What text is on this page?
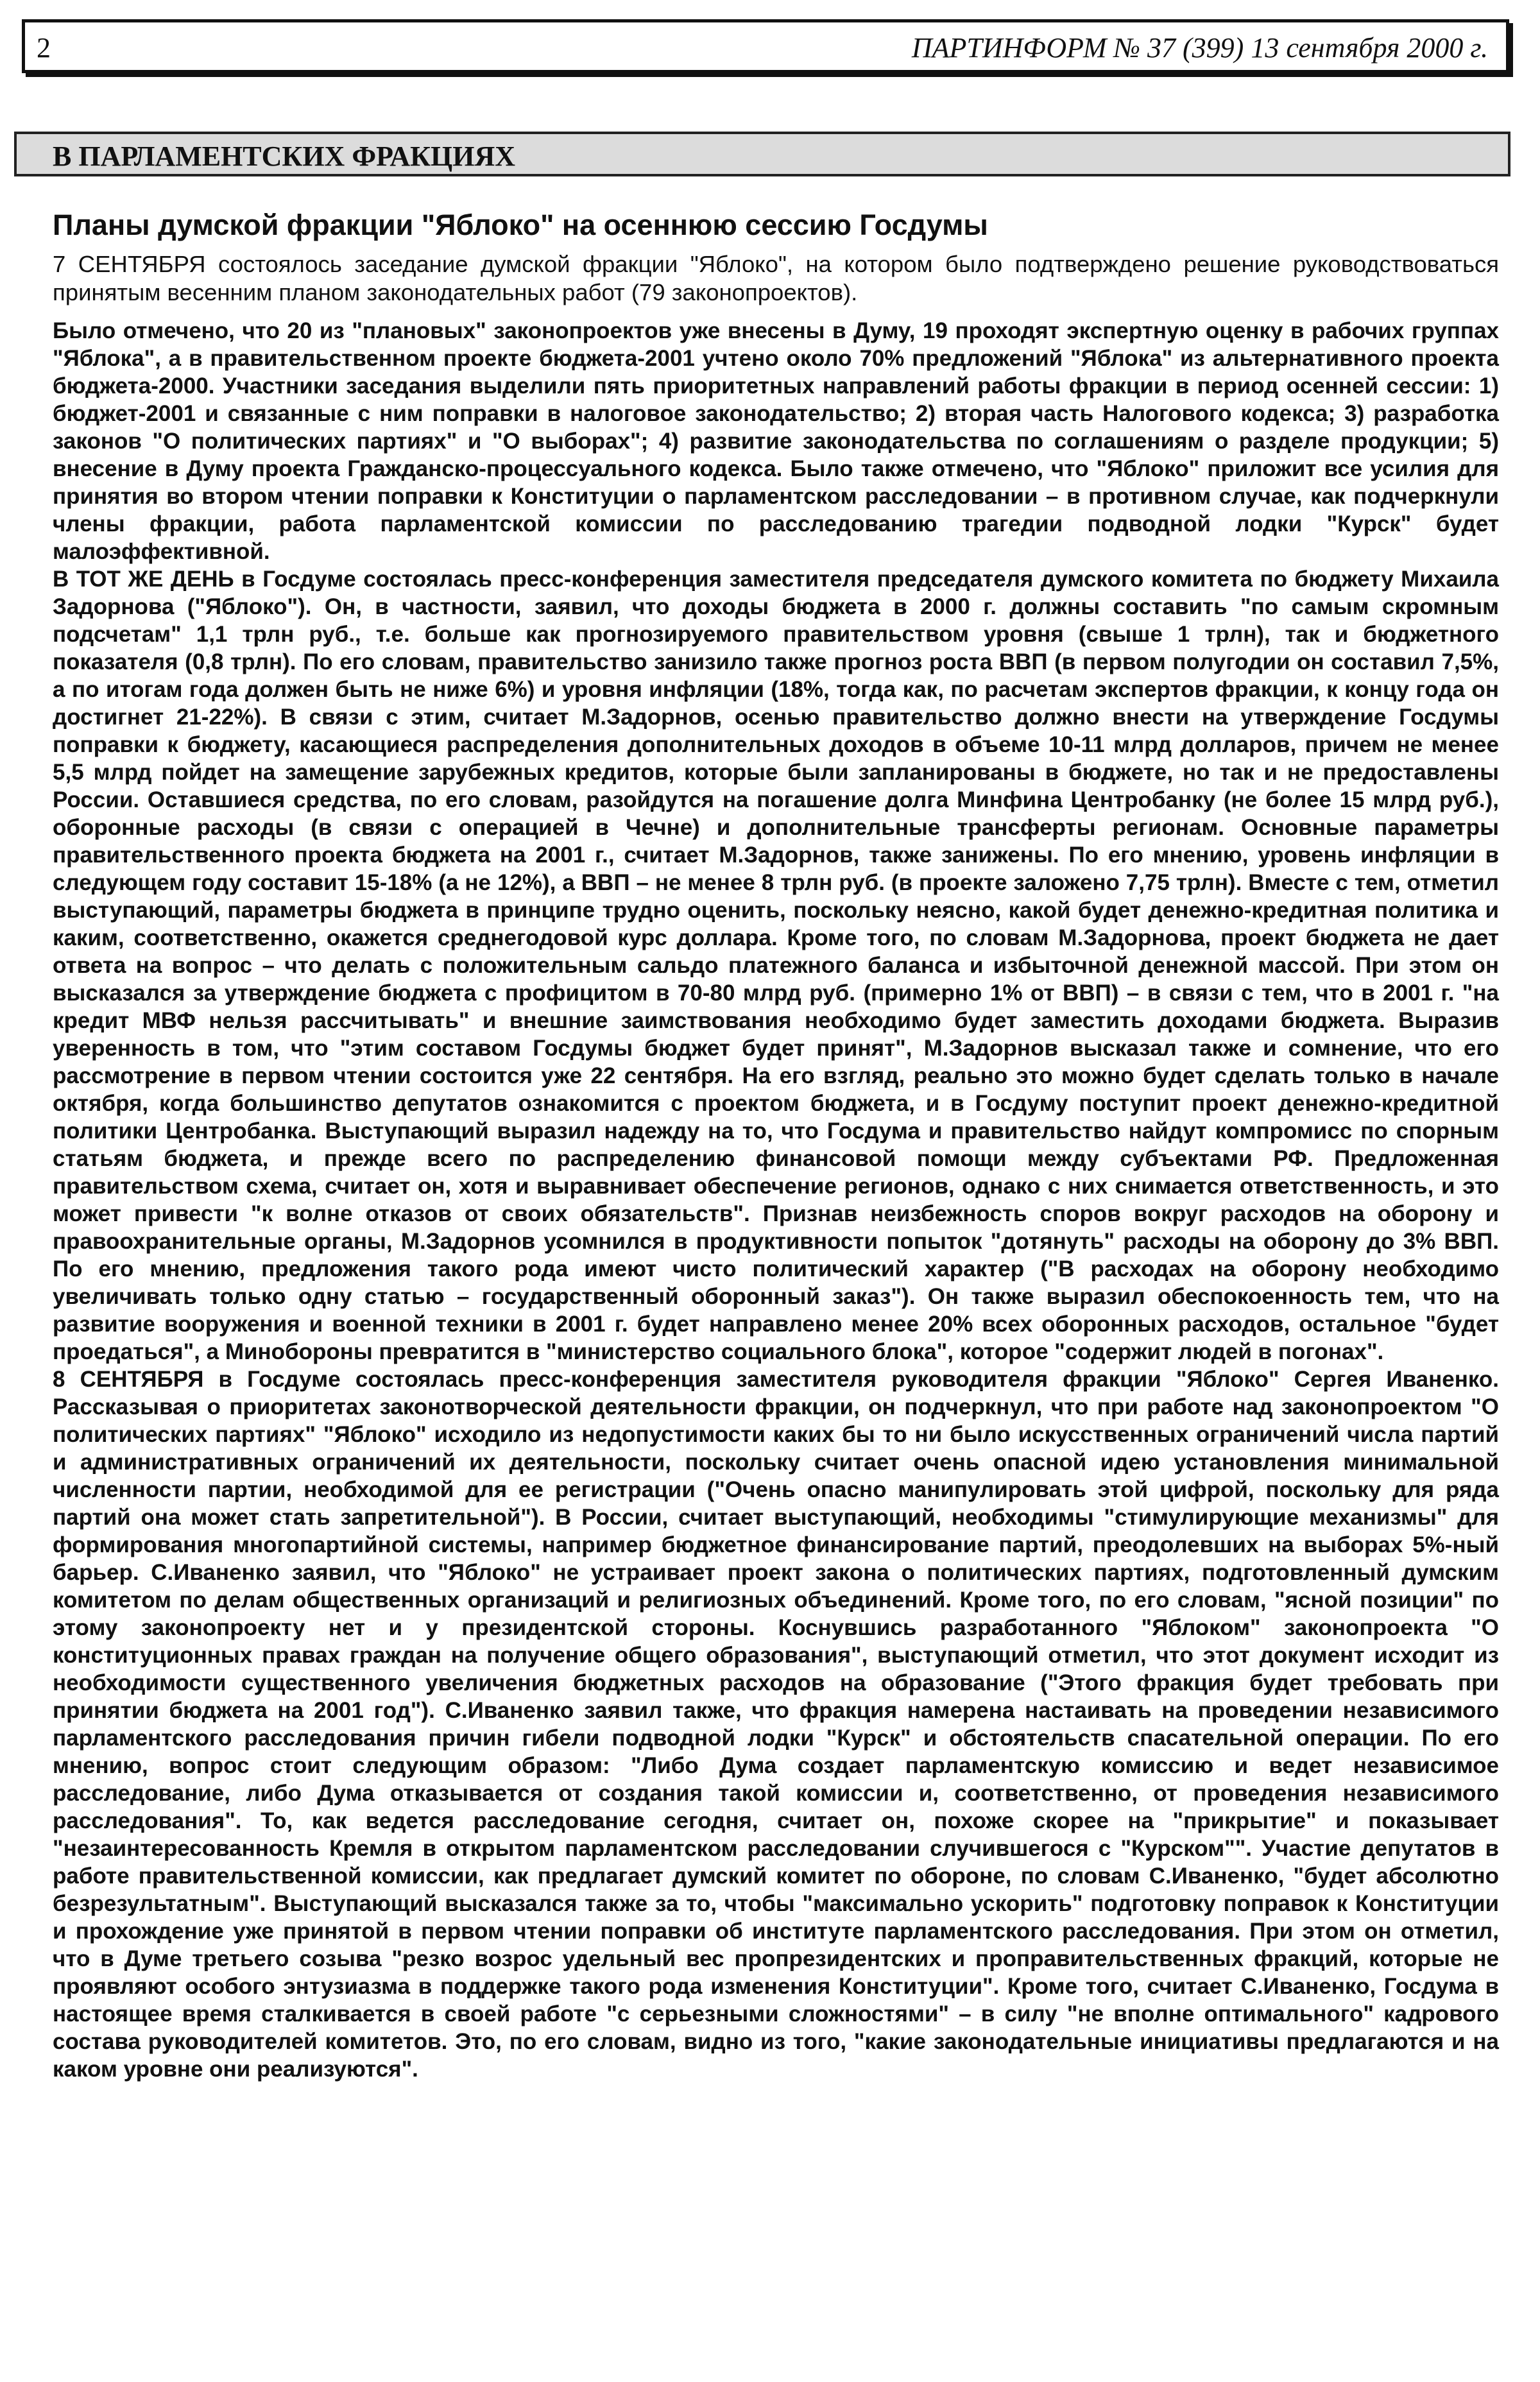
2	ПАРТИНФОРМ № 37 (399) 13 сентября 2000 г.
В ПАРЛАМЕНТСКИХ ФРАКЦИЯХ
Планы думской фракции "Яблоко" на осеннюю сессию Госдумы

7 СЕНТЯБРЯ состоялось заседание думской фракции "Яблоко", на котором было подтверждено решение руководствоваться принятым весенним планом законодательных работ (79 законопроектов).

Было отмечено, что 20 из "плановых" законопроектов уже внесены в Думу, 19 проходят экспертную оценку в рабочих группах "Яблока", а в правительственном проекте бюджета-2001 учтено около 70% предложений "Яблока" из альтернативного проекта бюджета-2000. Участники заседания выделили пять приоритетных направлений работы фракции в период осенней сессии: 1) бюджет-2001 и связанные с ним поправки в налоговое законодательство; 2) вторая часть Налогового кодекса; 3) разработка законов "О политических партиях" и "О выборах"; 4) развитие законодательства по соглашениям о разделе продукции; 5) внесение в Думу проекта Гражданско-процессуального кодекса. Было также отмечено, что "Яблоко" приложит все усилия для принятия во втором чтении поправки к Конституции о парламентском расследовании – в противном случае, как подчеркнули члены фракции, работа парламентской комиссии по расследованию трагедии подводной лодки "Курск" будет малоэффективной.

В ТОТ ЖЕ ДЕНЬ в Госдуме состоялась пресс-конференция заместителя председателя думского комитета по бюджету Михаила Задорнова ("Яблоко"). Он, в частности, заявил, что доходы бюджета в 2000 г. должны составить "по самым скромным подсчетам" 1,1 трлн руб., т.е. больше как прогнозируемого правительством уровня (свыше 1 трлн), так и бюджетного показателя (0,8 трлн). По его словам, правительство занизило также прогноз роста ВВП (в первом полугодии он составил 7,5%, а по итогам года должен быть не ниже 6%) и уровня инфляции (18%, тогда как, по расчетам экспертов фракции, к концу года он достигнет 21-22%). В связи с этим, считает М.Задорнов, осенью правительство должно внести на утверждение Госдумы поправки к бюджету, касающиеся распределения дополнительных доходов в объеме 10-11 млрд долларов, причем не менее 5,5 млрд пойдет на замещение зарубежных кредитов, которые были запланированы в бюджете, но так и не предоставлены России. Оставшиеся средства, по его словам, разойдутся на погашение долга Минфина Центробанку (не более 15 млрд руб.), оборонные расходы (в связи с операцией в Чечне) и дополнительные трансферты регионам. Основные параметры правительственного проекта бюджета на 2001 г., считает М.Задорнов, также занижены. По его мнению, уровень инфляции в следующем году составит 15-18% (а не 12%), а ВВП – не менее 8 трлн руб. (в проекте заложено 7,75 трлн). Вместе с тем, отметил выступающий, параметры бюджета в принципе трудно оценить, поскольку неясно, какой будет денежно-кредитная политика и каким, соответственно, окажется среднегодовой курс доллара. Кроме того, по словам М.Задорнова, проект бюджета не дает ответа на вопрос – что делать с положительным сальдо платежного баланса и избыточной денежной массой. При этом он высказался за утверждение бюджета с профицитом в 70-80 млрд руб. (примерно 1% от ВВП) – в связи с тем, что в 2001 г. "на кредит МВФ нельзя рассчитывать" и внешние заимствования необходимо будет заместить доходами бюджета. Выразив уверенность в том, что "этим составом Госдумы бюджет будет принят", М.Задорнов высказал также и сомнение, что его рассмотрение в первом чтении состоится уже 22 сентября. На его взгляд, реально это можно будет сделать только в начале октября, когда большинство депутатов ознакомится с проектом бюджета, и в Госдуму поступит проект денежно-кредитной политики Центробанка. Выступающий выразил надежду на то, что Госдума и правительство найдут компромисс по спорным статьям бюджета, и прежде всего по распределению финансовой помощи между субъектами РФ. Предложенная правительством схема, считает он, хотя и выравнивает обеспечение регионов, однако с них снимается ответственность, и это может привести "к волне отказов от своих обязательств". Признав неизбежность споров вокруг расходов на оборону и правоохранительные органы, М.Задорнов усомнился в продуктивности попыток "дотянуть" расходы на оборону до 3% ВВП. По его мнению, предложения такого рода имеют чисто политический характер ("В расходах на оборону необходимо увеличивать только одну статью – государственный оборонный заказ"). Он также выразил обеспокоенность тем, что на развитие вооружения и военной техники в 2001 г. будет направлено менее 20% всех оборонных расходов, остальное "будет проедаться", а Минобороны превратится в "министерство социального блока", которое "содержит людей в погонах".

8 СЕНТЯБРЯ в Госдуме состоялась пресс-конференция заместителя руководителя фракции "Яблоко" Сергея Иваненко. Рассказывая о приоритетах законотворческой деятельности фракции, он подчеркнул, что при работе над законопроектом "О политических партиях" "Яблоко" исходило из недопустимости каких бы то ни было искусственных ограничений числа партий и административных ограничений их деятельности, поскольку считает очень опасной идею установления минимальной численности партии, необходимой для ее регистрации ("Очень опасно манипулировать этой цифрой, поскольку для ряда партий она может стать запретительной"). В России, считает выступающий, необходимы "стимулирующие механизмы" для формирования многопартийной системы, например бюджетное финансирование партий, преодолевших на выборах 5%-ный барьер. С.Иваненко заявил, что "Яблоко" не устраивает проект закона о политических партиях, подготовленный думским комитетом по делам общественных организаций и религиозных объединений. Кроме того, по его словам, "ясной позиции" по этому законопроекту нет и у президентской стороны. Коснувшись разработанного "Яблоком" законопроекта "О конституционных правах граждан на получение общего образования", выступающий отметил, что этот документ исходит из необходимости существенного увеличения бюджетных расходов на образование ("Этого фракция будет требовать при принятии бюджета на 2001 год"). С.Иваненко заявил также, что фракция намерена настаивать на проведении независимого парламентского расследования причин гибели подводной лодки "Курск" и обстоятельств спасательной операции. По его мнению, вопрос стоит следующим образом: "Либо Дума создает парламентскую комиссию и ведет независимое расследование, либо Дума отказывается от создания такой комиссии и, соответственно, от проведения независимого расследования". То, как ведется расследование сегодня, считает он, похоже скорее на "прикрытие" и показывает "незаинтересованность Кремля в открытом парламентском расследовании случившегося с "Курском"". Участие депутатов в работе правительственной комиссии, как предлагает думский комитет по обороне, по словам С.Иваненко, "будет абсолютно безрезультатным". Выступающий высказался также за то, чтобы "максимально ускорить" подготовку поправок к Конституции и прохождение уже принятой в первом чтении поправки об институте парламентского расследования. При этом он отметил, что в Думе третьего созыва "резко возрос удельный вес пропрезидентских и проправительственных фракций, которые не проявляют особого энтузиазма в поддержке такого рода изменения Конституции". Кроме того, считает С.Иваненко, Госдума в настоящее время сталкивается в своей работе "с серьезными сложностями" – в силу "не вполне оптимального" кадрового состава руководителей комитетов. Это, по его словам, видно из того, "какие законодательные инициативы предлагаются и на каком уровне они реализуются".
